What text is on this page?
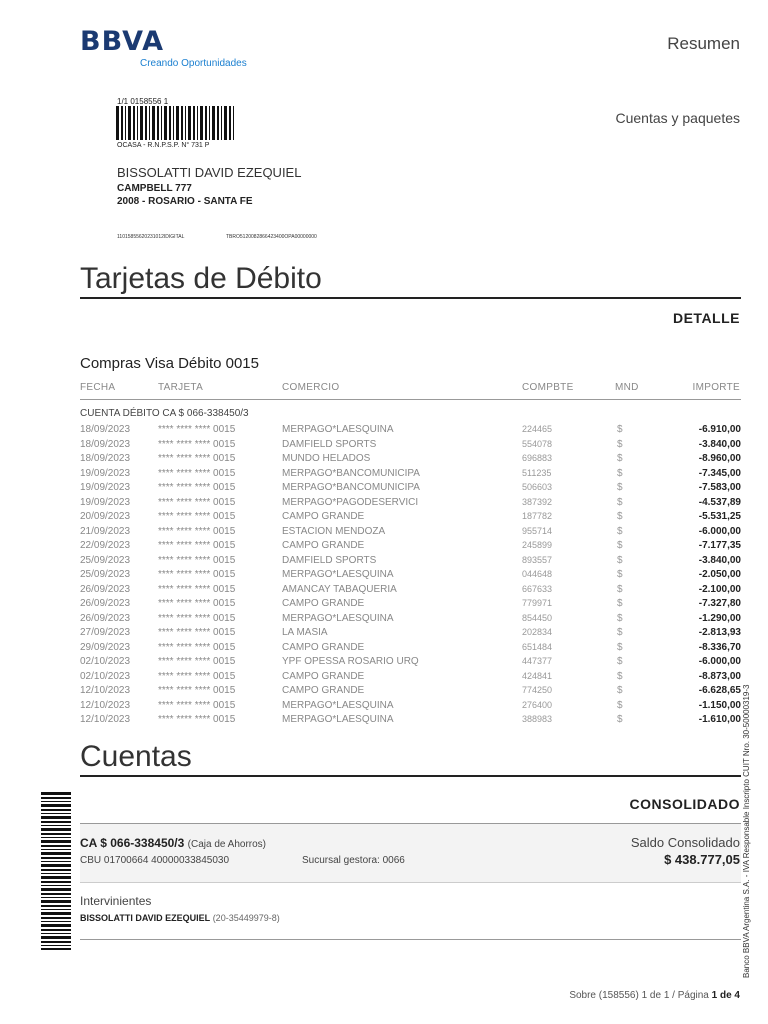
BBVA
Creando Oportunidades
Resumen
Cuentas y paquetes
1/1 0158556 1
OCASA - R.N.P.S.P. N° 731 P
BISSOLATTI DAVID EZEQUIEL
CAMPBELL 777
2008 - ROSARIO - SANTA FE
11015855620231012IDIGITAL	TBRO5120082866423400OPA00000000
Tarjetas de Débito
DETALLE
Compras Visa Débito 0015
FECHA	TARJETA	COMERCIO	COMPBTE	MND	IMPORTE
CUENTA DÉBITO CA $ 066-338450/3
18/09/2023	**** **** **** 0015	MERPAGO*LAESQUINA	224465	$	-6.910,00
18/09/2023	**** **** **** 0015	DAMFIELD SPORTS	554078	$	-3.840,00
18/09/2023	**** **** **** 0015	MUNDO HELADOS	696883	$	-8.960,00
19/09/2023	**** **** **** 0015	MERPAGO*BANCOMUNICIPA	511235	$	-7.345,00
19/09/2023	**** **** **** 0015	MERPAGO*BANCOMUNICIPA	506603	$	-7.583,00
19/09/2023	**** **** **** 0015	MERPAGO*PAGODESERVICI	387392	$	-4.537,89
20/09/2023	**** **** **** 0015	CAMPO GRANDE	187782	$	-5.531,25
21/09/2023	**** **** **** 0015	ESTACION MENDOZA	955714	$	-6.000,00
22/09/2023	**** **** **** 0015	CAMPO GRANDE	245899	$	-7.177,35
25/09/2023	**** **** **** 0015	DAMFIELD SPORTS	893557	$	-3.840,00
25/09/2023	**** **** **** 0015	MERPAGO*LAESQUINA	044648	$	-2.050,00
26/09/2023	**** **** **** 0015	AMANCAY TABAQUERIA	667633	$	-2.100,00
26/09/2023	**** **** **** 0015	CAMPO GRANDE	779971	$	-7.327,80
26/09/2023	**** **** **** 0015	MERPAGO*LAESQUINA	854450	$	-1.290,00
27/09/2023	**** **** **** 0015	LA MASIA	202834	$	-2.813,93
29/09/2023	**** **** **** 0015	CAMPO GRANDE	651484	$	-8.336,70
02/10/2023	**** **** **** 0015	YPF OPESSA ROSARIO URQ	447377	$	-6.000,00
02/10/2023	**** **** **** 0015	CAMPO GRANDE	424841	$	-8.873,00
12/10/2023	**** **** **** 0015	CAMPO GRANDE	774250	$	-6.628,65
12/10/2023	**** **** **** 0015	MERPAGO*LAESQUINA	276400	$	-1.150,00
12/10/2023	**** **** **** 0015	MERPAGO*LAESQUINA	388983	$	-1.610,00
Cuentas
CONSOLIDADO
CA $ 066-338450/3 (Caja de Ahorros)
CBU 01700664 40000033845030	Sucursal gestora: 0066
Saldo Consolidado
$ 438.777,05
Intervinientes
BISSOLATTI DAVID EZEQUIEL (20-35449979-8)	Banco BBVA Argentina S.A. - IVA Responsable Inscripto CUIT Nro. 30-50000319-3
Sobre (158556) 1 de 1 / Página 1 de 4
